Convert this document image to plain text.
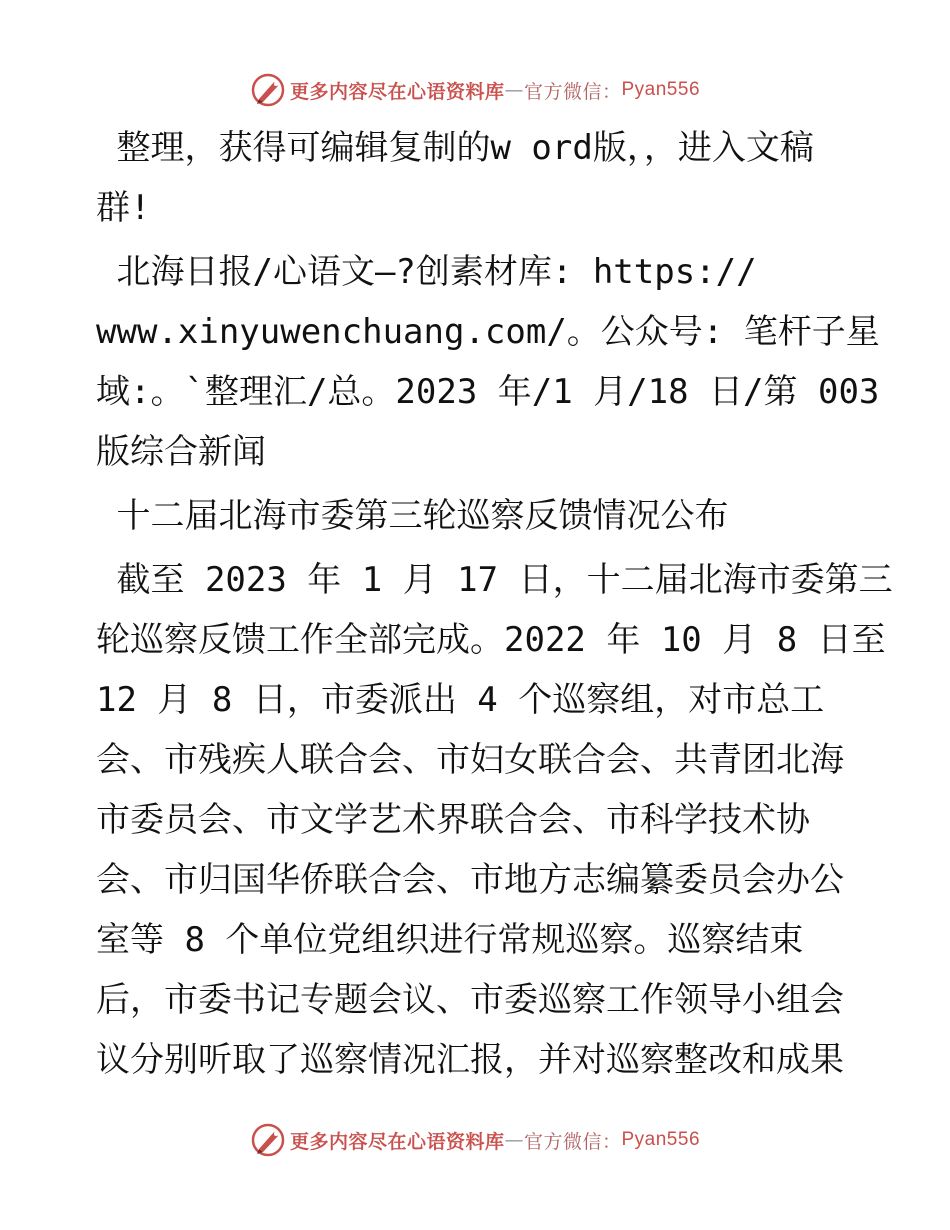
更多内容尽在心语资料库 — 官方微信： Pyan556
整理，获得可编辑复制的w ord版，，进入文稿
群!
北海日报/心语文—?创素材库: https://
www.xinyuwenchuang.com/。公众号: 笔杆子星
域:。`整理汇/总。2023 年/1 月/18 日/第 003
版综合新闻
十二届北海市委第三轮巡察反馈情况公布
截至 2023 年 1 月 17 日，十二届北海市委第三
轮巡察反馈工作全部完成。2022 年 10 月 8 日至
12 月 8 日，市委派出 4 个巡察组，对市总工
会、市残疾人联合会、市妇女联合会、共青团北海
市委员会、市文学艺术界联合会、市科学技术协
会、市归国华侨联合会、市地方志编纂委员会办公
室等 8 个单位党组织进行常规巡察。巡察结束
后，市委书记专题会议、市委巡察工作领导小组会
议分别听取了巡察情况汇报，并对巡察整改和成果
更多内容尽在心语资料库 — 官方微信： Pyan556
